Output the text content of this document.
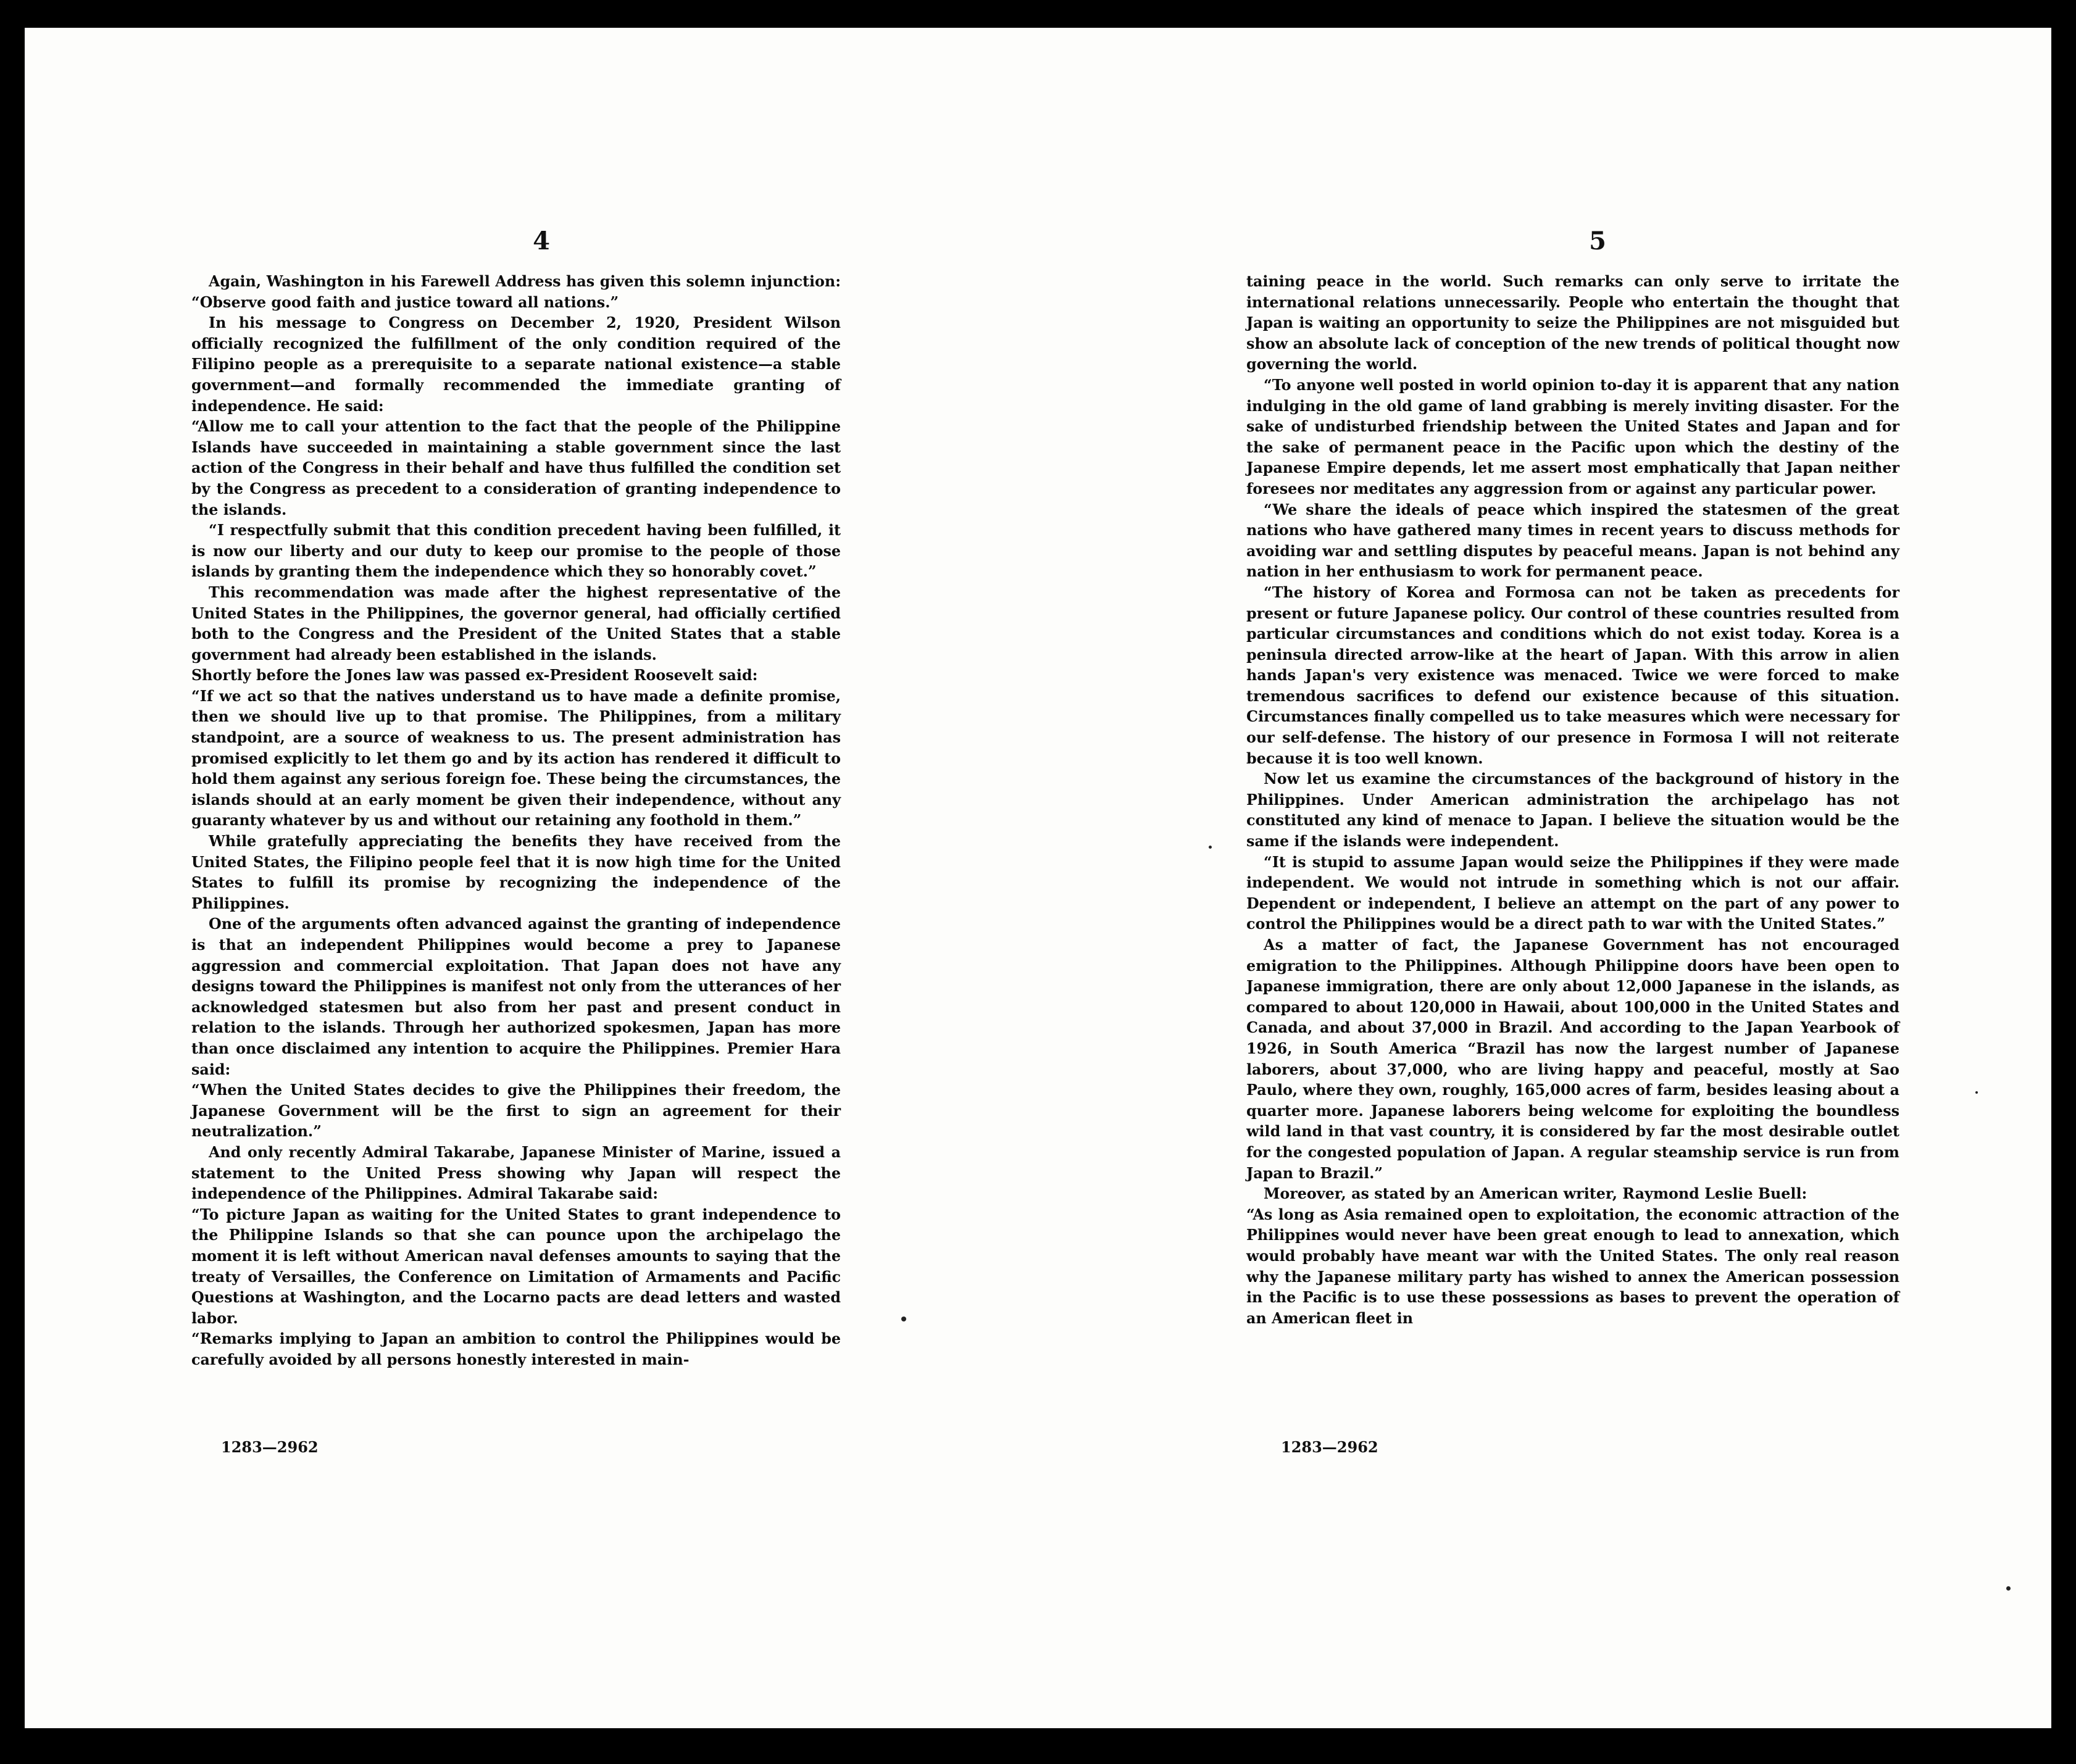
4	5

Again, Washington in his Farewell Address has given this solemn injunction: “Observe good faith and justice toward all nations.”

In his message to Congress on December 2, 1920, President Wilson officially recognized the fulfillment of the only condition required of the Filipino people as a prerequisite to a separate national existence—a stable government—and formally recommended the immediate granting of independence. He said:

“Allow me to call your attention to the fact that the people of the Philippine Islands have succeeded in maintaining a stable government since the last action of the Congress in their behalf and have thus fulfilled the condition set by the Congress as precedent to a consideration of granting independence to the islands.

“I respectfully submit that this condition precedent having been fulfilled, it is now our liberty and our duty to keep our promise to the people of those islands by granting them the independence which they so honorably covet.”

This recommendation was made after the highest representative of the United States in the Philippines, the governor general, had officially certified both to the Congress and the President of the United States that a stable government had already been established in the islands.

Shortly before the Jones law was passed ex-President Roosevelt said:

“If we act so that the natives understand us to have made a definite promise, then we should live up to that promise. The Philippines, from a military standpoint, are a source of weakness to us. The present administration has promised explicitly to let them go and by its action has rendered it difficult to hold them against any serious foreign foe. These being the circumstances, the islands should at an early moment be given their independence, without any guaranty whatever by us and without our retaining any foothold in them.”

While gratefully appreciating the benefits they have received from the United States, the Filipino people feel that it is now high time for the United States to fulfill its promise by recognizing the independence of the Philippines.

One of the arguments often advanced against the granting of independence is that an independent Philippines would become a prey to Japanese aggression and commercial exploitation. That Japan does not have any designs toward the Philippines is manifest not only from the utterances of her acknowledged statesmen but also from her past and present conduct in relation to the islands. Through her authorized spokesmen, Japan has more than once disclaimed any intention to acquire the Philippines. Premier Hara said:

“When the United States decides to give the Philippines their freedom, the Japanese Government will be the first to sign an agreement for their neutralization.”

And only recently Admiral Takarabe, Japanese Minister of Marine, issued a statement to the United Press showing why Japan will respect the independence of the Philippines. Admiral Takarabe said:

“To picture Japan as waiting for the United States to grant independence to the Philippine Islands so that she can pounce upon the archipelago the moment it is left without American naval defenses amounts to saying that the treaty of Versailles, the Conference on Limitation of Armaments and Pacific Questions at Washington, and the Locarno pacts are dead letters and wasted labor.

“Remarks implying to Japan an ambition to control the Philippines would be carefully avoided by all persons honestly interested in main-

1283—2962

taining peace in the world. Such remarks can only serve to irritate the international relations unnecessarily. People who entertain the thought that Japan is waiting an opportunity to seize the Philippines are not misguided but show an absolute lack of conception of the new trends of political thought now governing the world.

“To anyone well posted in world opinion to-day it is apparent that any nation indulging in the old game of land grabbing is merely inviting disaster. For the sake of undisturbed friendship between the United States and Japan and for the sake of permanent peace in the Pacific upon which the destiny of the Japanese Empire depends, let me assert most emphatically that Japan neither foresees nor meditates any aggression from or against any particular power.

“We share the ideals of peace which inspired the statesmen of the great nations who have gathered many times in recent years to discuss methods for avoiding war and settling disputes by peaceful means. Japan is not behind any nation in her enthusiasm to work for permanent peace.

“The history of Korea and Formosa can not be taken as precedents for present or future Japanese policy. Our control of these countries resulted from particular circumstances and conditions which do not exist today. Korea is a peninsula directed arrow-like at the heart of Japan. With this arrow in alien hands Japan's very existence was menaced. Twice we were forced to make tremendous sacrifices to defend our existence because of this situation. Circumstances finally compelled us to take measures which were necessary for our self-defense. The history of our presence in Formosa I will not reiterate because it is too well known.

Now let us examine the circumstances of the background of history in the Philippines. Under American administration the archipelago has not constituted any kind of menace to Japan. I believe the situation would be the same if the islands were independent.

“It is stupid to assume Japan would seize the Philippines if they were made independent. We would not intrude in something which is not our affair. Dependent or independent, I believe an attempt on the part of any power to control the Philippines would be a direct path to war with the United States.”

As a matter of fact, the Japanese Government has not encouraged emigration to the Philippines. Although Philippine doors have been open to Japanese immigration, there are only about 12,000 Japanese in the islands, as compared to about 120,000 in Hawaii, about 100,000 in the United States and Canada, and about 37,000 in Brazil. And according to the Japan Yearbook of 1926, in South America “Brazil has now the largest number of Japanese laborers, about 37,000, who are living happy and peaceful, mostly at Sao Paulo, where they own, roughly, 165,000 acres of farm, besides leasing about a quarter more. Japanese laborers being welcome for exploiting the boundless wild land in that vast country, it is considered by far the most desirable outlet for the congested population of Japan. A regular steamship service is run from Japan to Brazil.”

Moreover, as stated by an American writer, Raymond Leslie Buell:

“As long as Asia remained open to exploitation, the economic attraction of the Philippines would never have been great enough to lead to annexation, which would probably have meant war with the United States. The only real reason why the Japanese military party has wished to annex the American possession in the Pacific is to use these possessions as bases to prevent the operation of an American fleet in

1283—2962
